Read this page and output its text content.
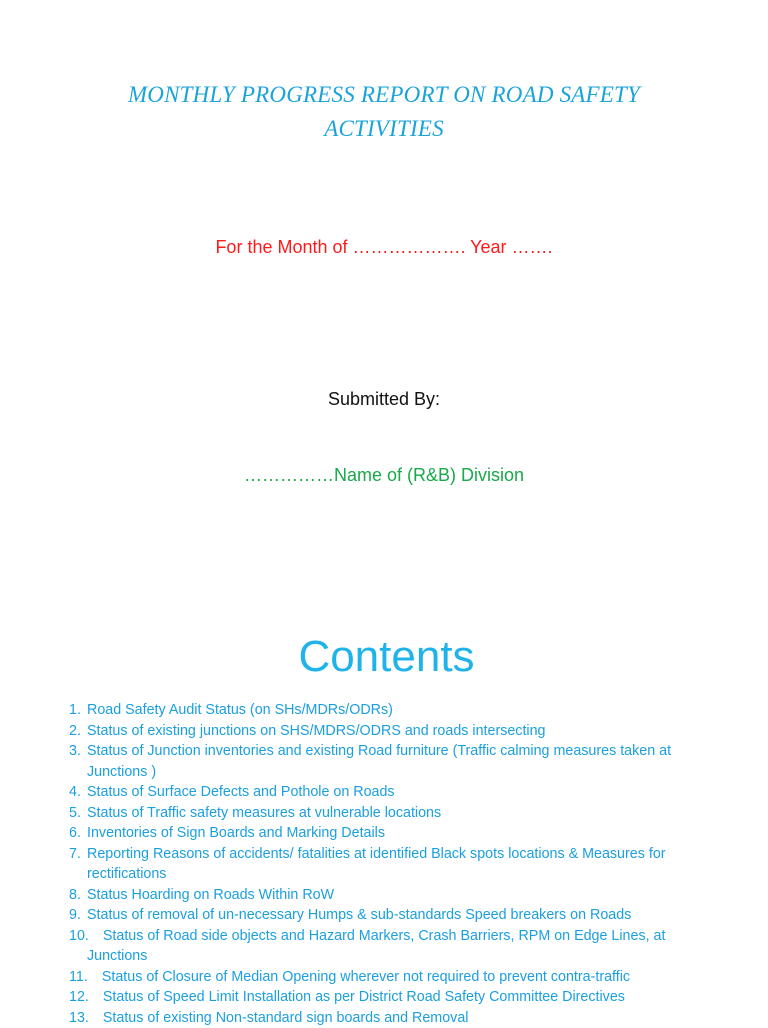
MONTHLY PROGRESS REPORT ON ROAD SAFETY
ACTIVITIES
For the Month of ………………. Year …….
Submitted By:
……………Name of (R&B) Division
Contents
1. Road Safety Audit Status (on SHs/MDRs/ODRs)
2. Status of existing junctions on SHS/MDRS/ODRS and roads intersecting
3. Status of Junction inventories and existing Road furniture (Traffic calming measures taken at Junctions )
4. Status of Surface Defects and Pothole on Roads
5. Status of Traffic safety measures at vulnerable locations
6. Inventories of Sign Boards and Marking Details
7. Reporting Reasons of accidents/ fatalities at identified Black spots locations & Measures for rectifications
8. Status Hoarding on Roads Within RoW
9. Status of removal of un-necessary Humps & sub-standards Speed breakers on Roads
10. Status of Road side objects and Hazard Markers, Crash Barriers, RPM on Edge Lines, at Junctions
11. Status of Closure of Median Opening wherever not required to prevent contra-traffic
12. Status of Speed Limit Installation as per District Road Safety Committee Directives
13. Status of existing Non-standard sign boards and Removal
